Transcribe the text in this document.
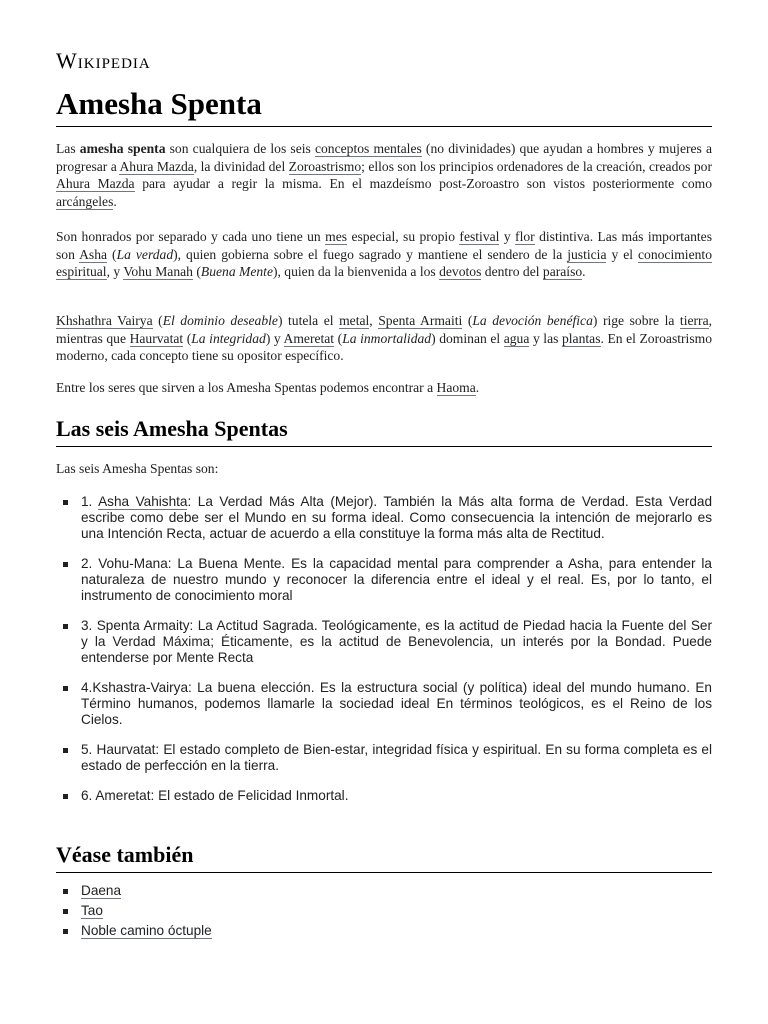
Wikipedia
Amesha Spenta

Las amesha spenta son cualquiera de los seis conceptos mentales (no divinidades) que ayudan a hombres y mujeres a progresar a Ahura Mazda, la divinidad del Zoroastrismo; ellos son los principios ordenadores de la creación, creados por Ahura Mazda para ayudar a regir la misma. En el mazdeísmo post-Zoroastro son vistos posteriormente como arcángeles.

Son honrados por separado y cada uno tiene un mes especial, su propio festival y flor distintiva. Las más importantes son Asha (La verdad), quien gobierna sobre el fuego sagrado y mantiene el sendero de la justicia y el conocimiento espiritual, y Vohu Manah (Buena Mente), quien da la bienvenida a los devotos dentro del paraíso.

Khshathra Vairya (El dominio deseable) tutela el metal, Spenta Armaiti (La devoción benéfica) rige sobre la tierra, mientras que Haurvatat (La integridad) y Ameretat (La inmortalidad) dominan el agua y las plantas. En el Zoroastrismo moderno, cada concepto tiene su opositor específico.

Entre los seres que sirven a los Amesha Spentas podemos encontrar a Haoma.

Las seis Amesha Spentas

Las seis Amesha Spentas son:

1. Asha Vahishta: La Verdad Más Alta (Mejor). También la Más alta forma de Verdad. Esta Verdad escribe como debe ser el Mundo en su forma ideal. Como consecuencia la intención de mejorarlo es una Intención Recta, actuar de acuerdo a ella constituye la forma más alta de Rectitud.
2. Vohu-Mana: La Buena Mente. Es la capacidad mental para comprender a Asha, para entender la naturaleza de nuestro mundo y reconocer la diferencia entre el ideal y el real. Es, por lo tanto, el instrumento de conocimiento moral
3. Spenta Armaity: La Actitud Sagrada. Teológicamente, es la actitud de Piedad hacia la Fuente del Ser y la Verdad Máxima; Éticamente, es la actitud de Benevolencia, un interés por la Bondad. Puede entenderse por Mente Recta
4.Kshastra-Vairya: La buena elección. Es la estructura social (y política) ideal del mundo humano. En Término humanos, podemos llamarle la sociedad ideal En términos teológicos, es el Reino de los Cielos.
5. Haurvatat: El estado completo de Bien-estar, integridad física y espiritual. En su forma completa es el estado de perfección en la tierra.
6. Ameretat: El estado de Felicidad Inmortal.
Véase también
Daena
Tao
Noble camino óctuple
